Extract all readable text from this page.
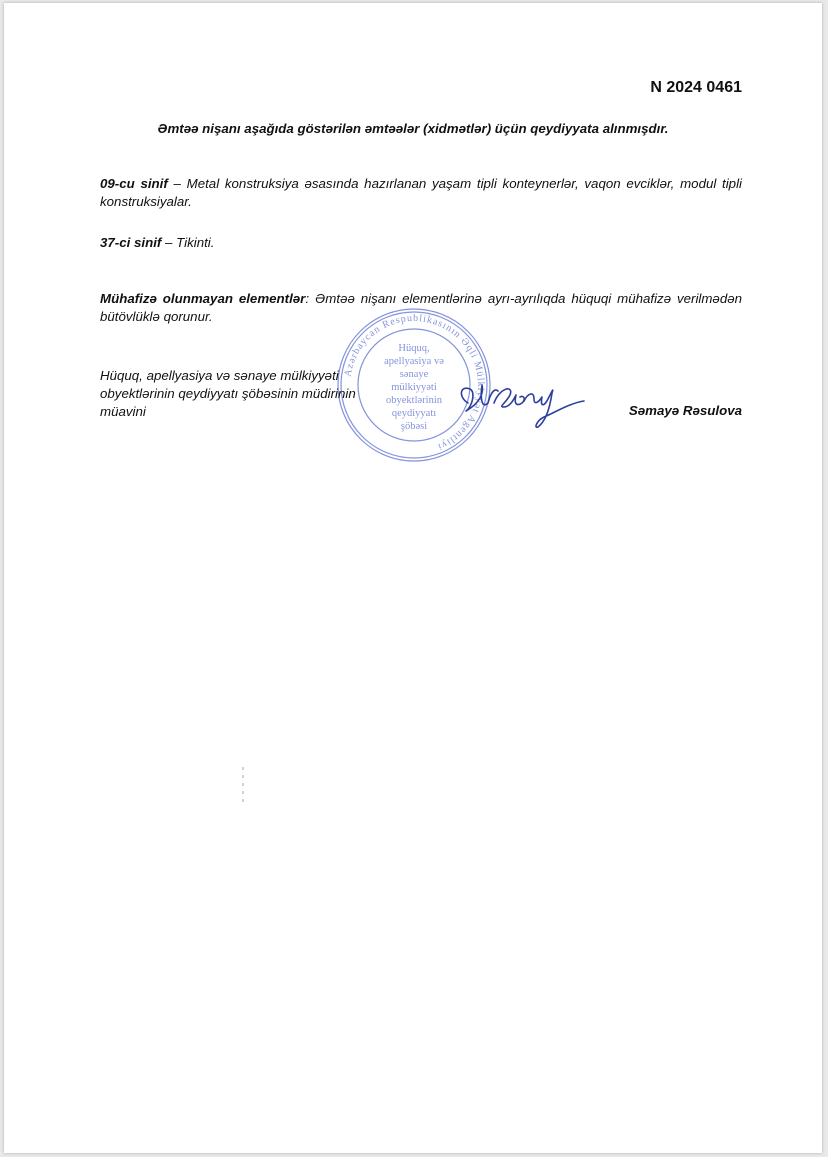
N 2024 0461
Əmtəə nişanı aşağıda göstərilən əmtəələr (xidmətlər) üçün qeydiyyata alınmışdır.
09-cu sinif – Metal konstruksiya əsasında hazırlanan yaşam tipli konteynerlər, vaqon evciklər, modul tipli konstruksiyalar.
37-ci sinif – Tikinti.
Mühafizə olunmayan elementlər: Əmtəə nişanı elementlərinə ayrı-ayrılıqda hüquqi mühafizə verilmədən bütövlüklə qorunur.
Azərbaycan Respublikasının Əqli Mülkiyyət Agentliyi
Hüquq,
apellyasiya və
sənaye
mülkiyyəti
obyektlərinin
qeydiyyatı
şöbəsi
Hüquq, apellyasiya və sənaye mülkiyyəti
obyektlərinin qeydiyyatı şöbəsinin müdirinin
müavini	Səmayə Rəsulova
